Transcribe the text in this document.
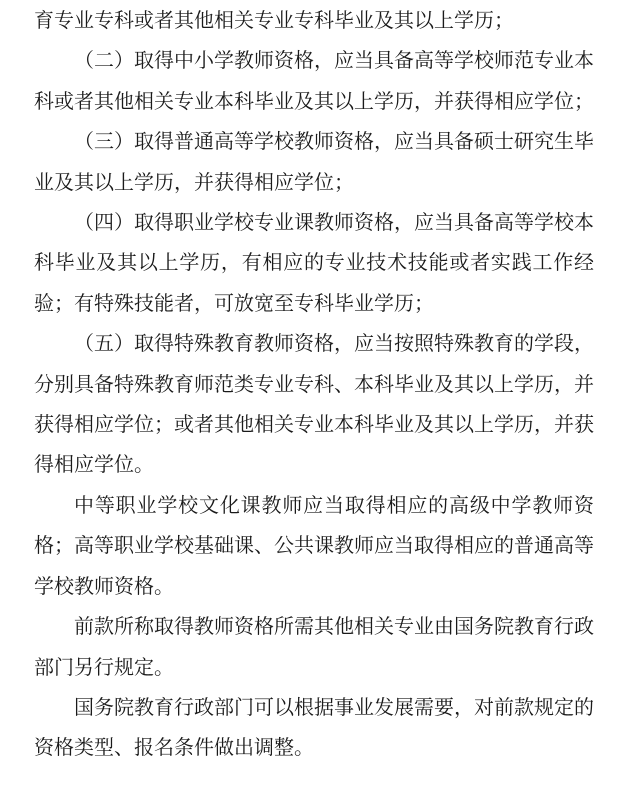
育专业专科或者其他相关专业专科毕业及其以上学历；

（二）取得中小学教师资格，应当具备高等学校师范专业本科或者其他相关专业本科毕业及其以上学历，并获得相应学位；

（三）取得普通高等学校教师资格，应当具备硕士研究生毕业及其以上学历，并获得相应学位；

（四）取得职业学校专业课教师资格，应当具备高等学校本科毕业及其以上学历，有相应的专业技术技能或者实践工作经验；有特殊技能者，可放宽至专科毕业学历；

（五）取得特殊教育教师资格，应当按照特殊教育的学段，分别具备特殊教育师范类专业专科、本科毕业及其以上学历，并获得相应学位；或者其他相关专业本科毕业及其以上学历，并获得相应学位。

中等职业学校文化课教师应当取得相应的高级中学教师资格；高等职业学校基础课、公共课教师应当取得相应的普通高等学校教师资格。

前款所称取得教师资格所需其他相关专业由国务院教育行政部门另行规定。

国务院教育行政部门可以根据事业发展需要，对前款规定的资格类型、报名条件做出调整。
